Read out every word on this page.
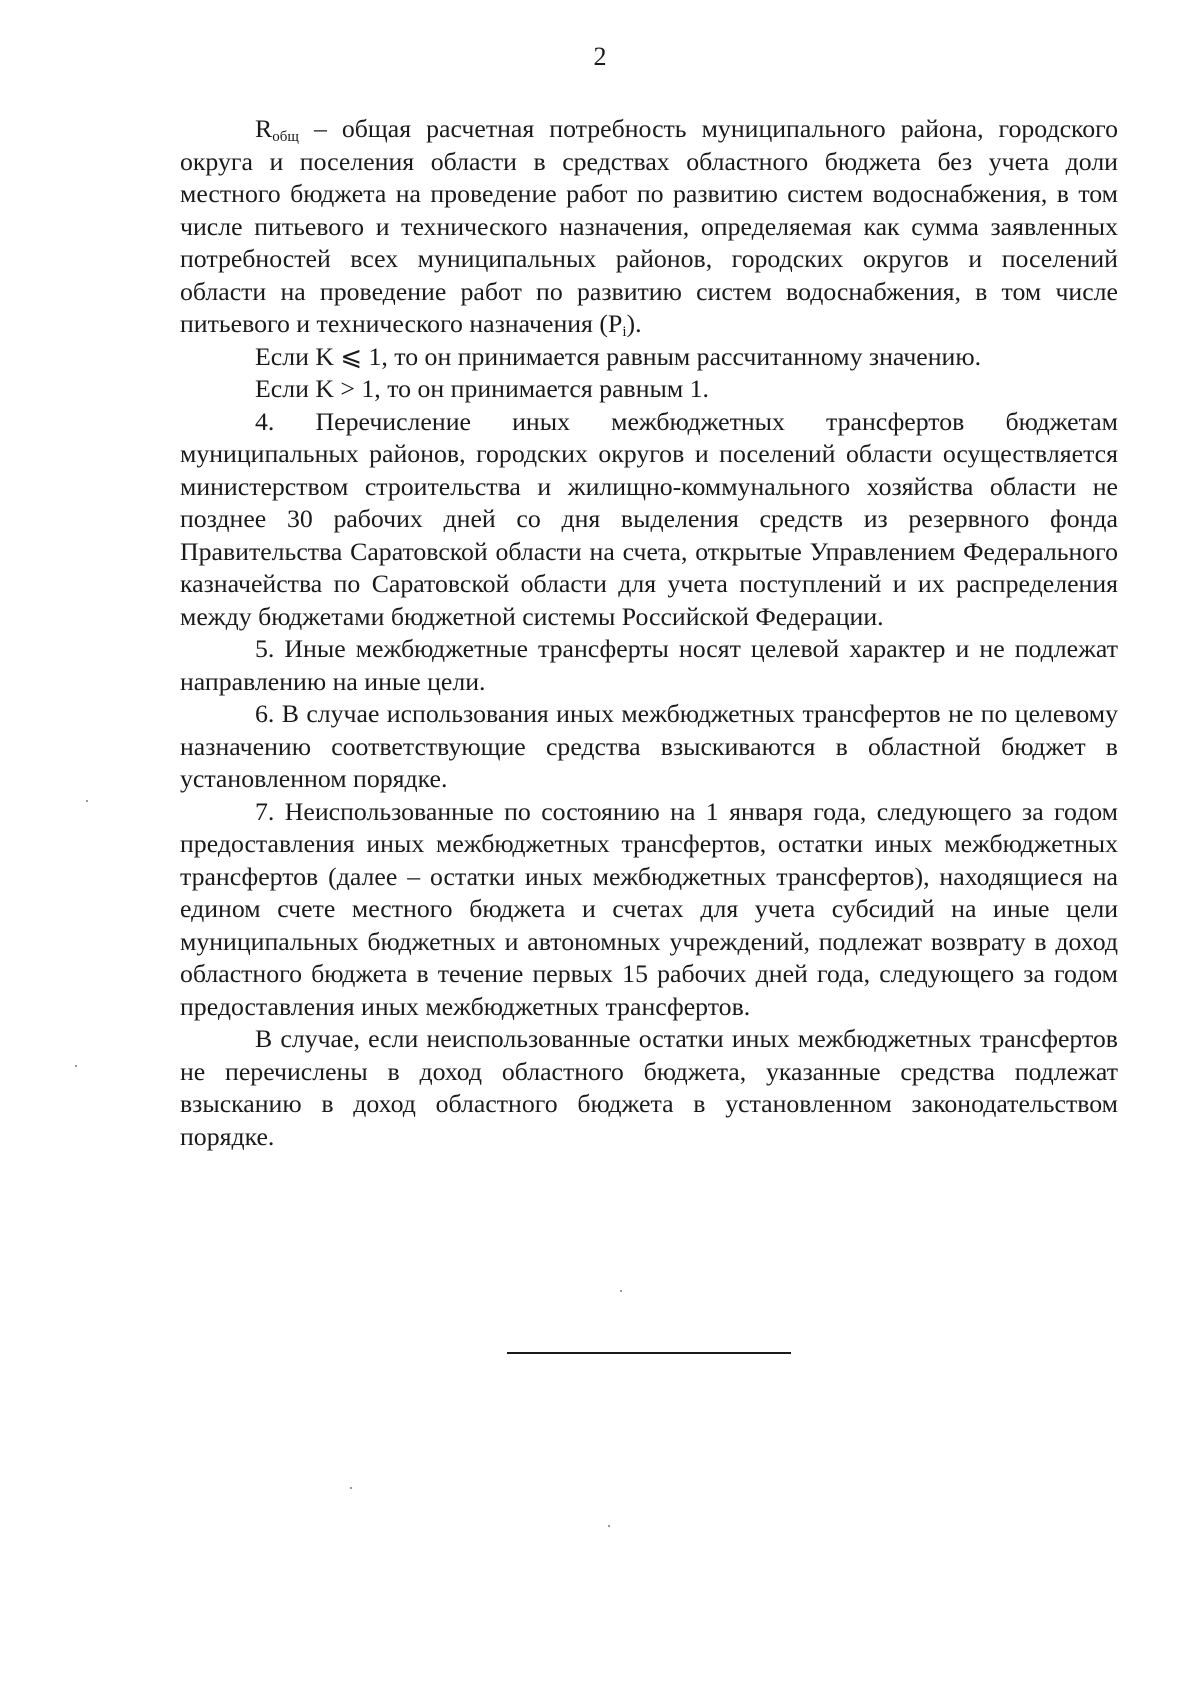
2

$R_{общ}$ – общая расчетная потребность муниципального района, городского округа и поселения области в средствах областного бюджета без учета доли местного бюджета на проведение работ по развитию систем водоснабжения, в том числе питьевого и технического назначения, определяемая как сумма заявленных потребностей всех муниципальных районов, городских округов и поселений области на проведение работ по развитию систем водоснабжения, в том числе питьевого и технического назначения $(P_i)$.

Если K ⩽ 1, то он принимается равным рассчитанному значению.

Если K > 1, то он принимается равным 1.

4. Перечисление иных межбюджетных трансфертов бюджетам муниципальных районов, городских округов и поселений области осуществляется министерством строительства и жилищно-коммунального хозяйства области не позднее 30 рабочих дней со дня выделения средств из резервного фонда Правительства Саратовской области на счета, открытые Управлением Федерального казначейства по Саратовской области для учета поступлений и их распределения между бюджетами бюджетной системы Российской Федерации.

5. Иные межбюджетные трансферты носят целевой характер и не подлежат направлению на иные цели.

6. В случае использования иных межбюджетных трансфертов не по целевому назначению соответствующие средства взыскиваются в областной бюджет в установленном порядке.

7. Неиспользованные по состоянию на 1 января года, следующего за годом предоставления иных межбюджетных трансфертов, остатки иных межбюджетных трансфертов (далее – остатки иных межбюджетных трансфертов), находящиеся на едином счете местного бюджета и счетах для учета субсидий на иные цели муниципальных бюджетных и автономных учреждений, подлежат возврату в доход областного бюджета в течение первых 15 рабочих дней года, следующего за годом предоставления иных межбюджетных трансфертов.

В случае, если неиспользованные остатки иных межбюджетных трансфертов не перечислены в доход областного бюджета, указанные средства подлежат взысканию в доход областного бюджета в установленном законодательством порядке.
